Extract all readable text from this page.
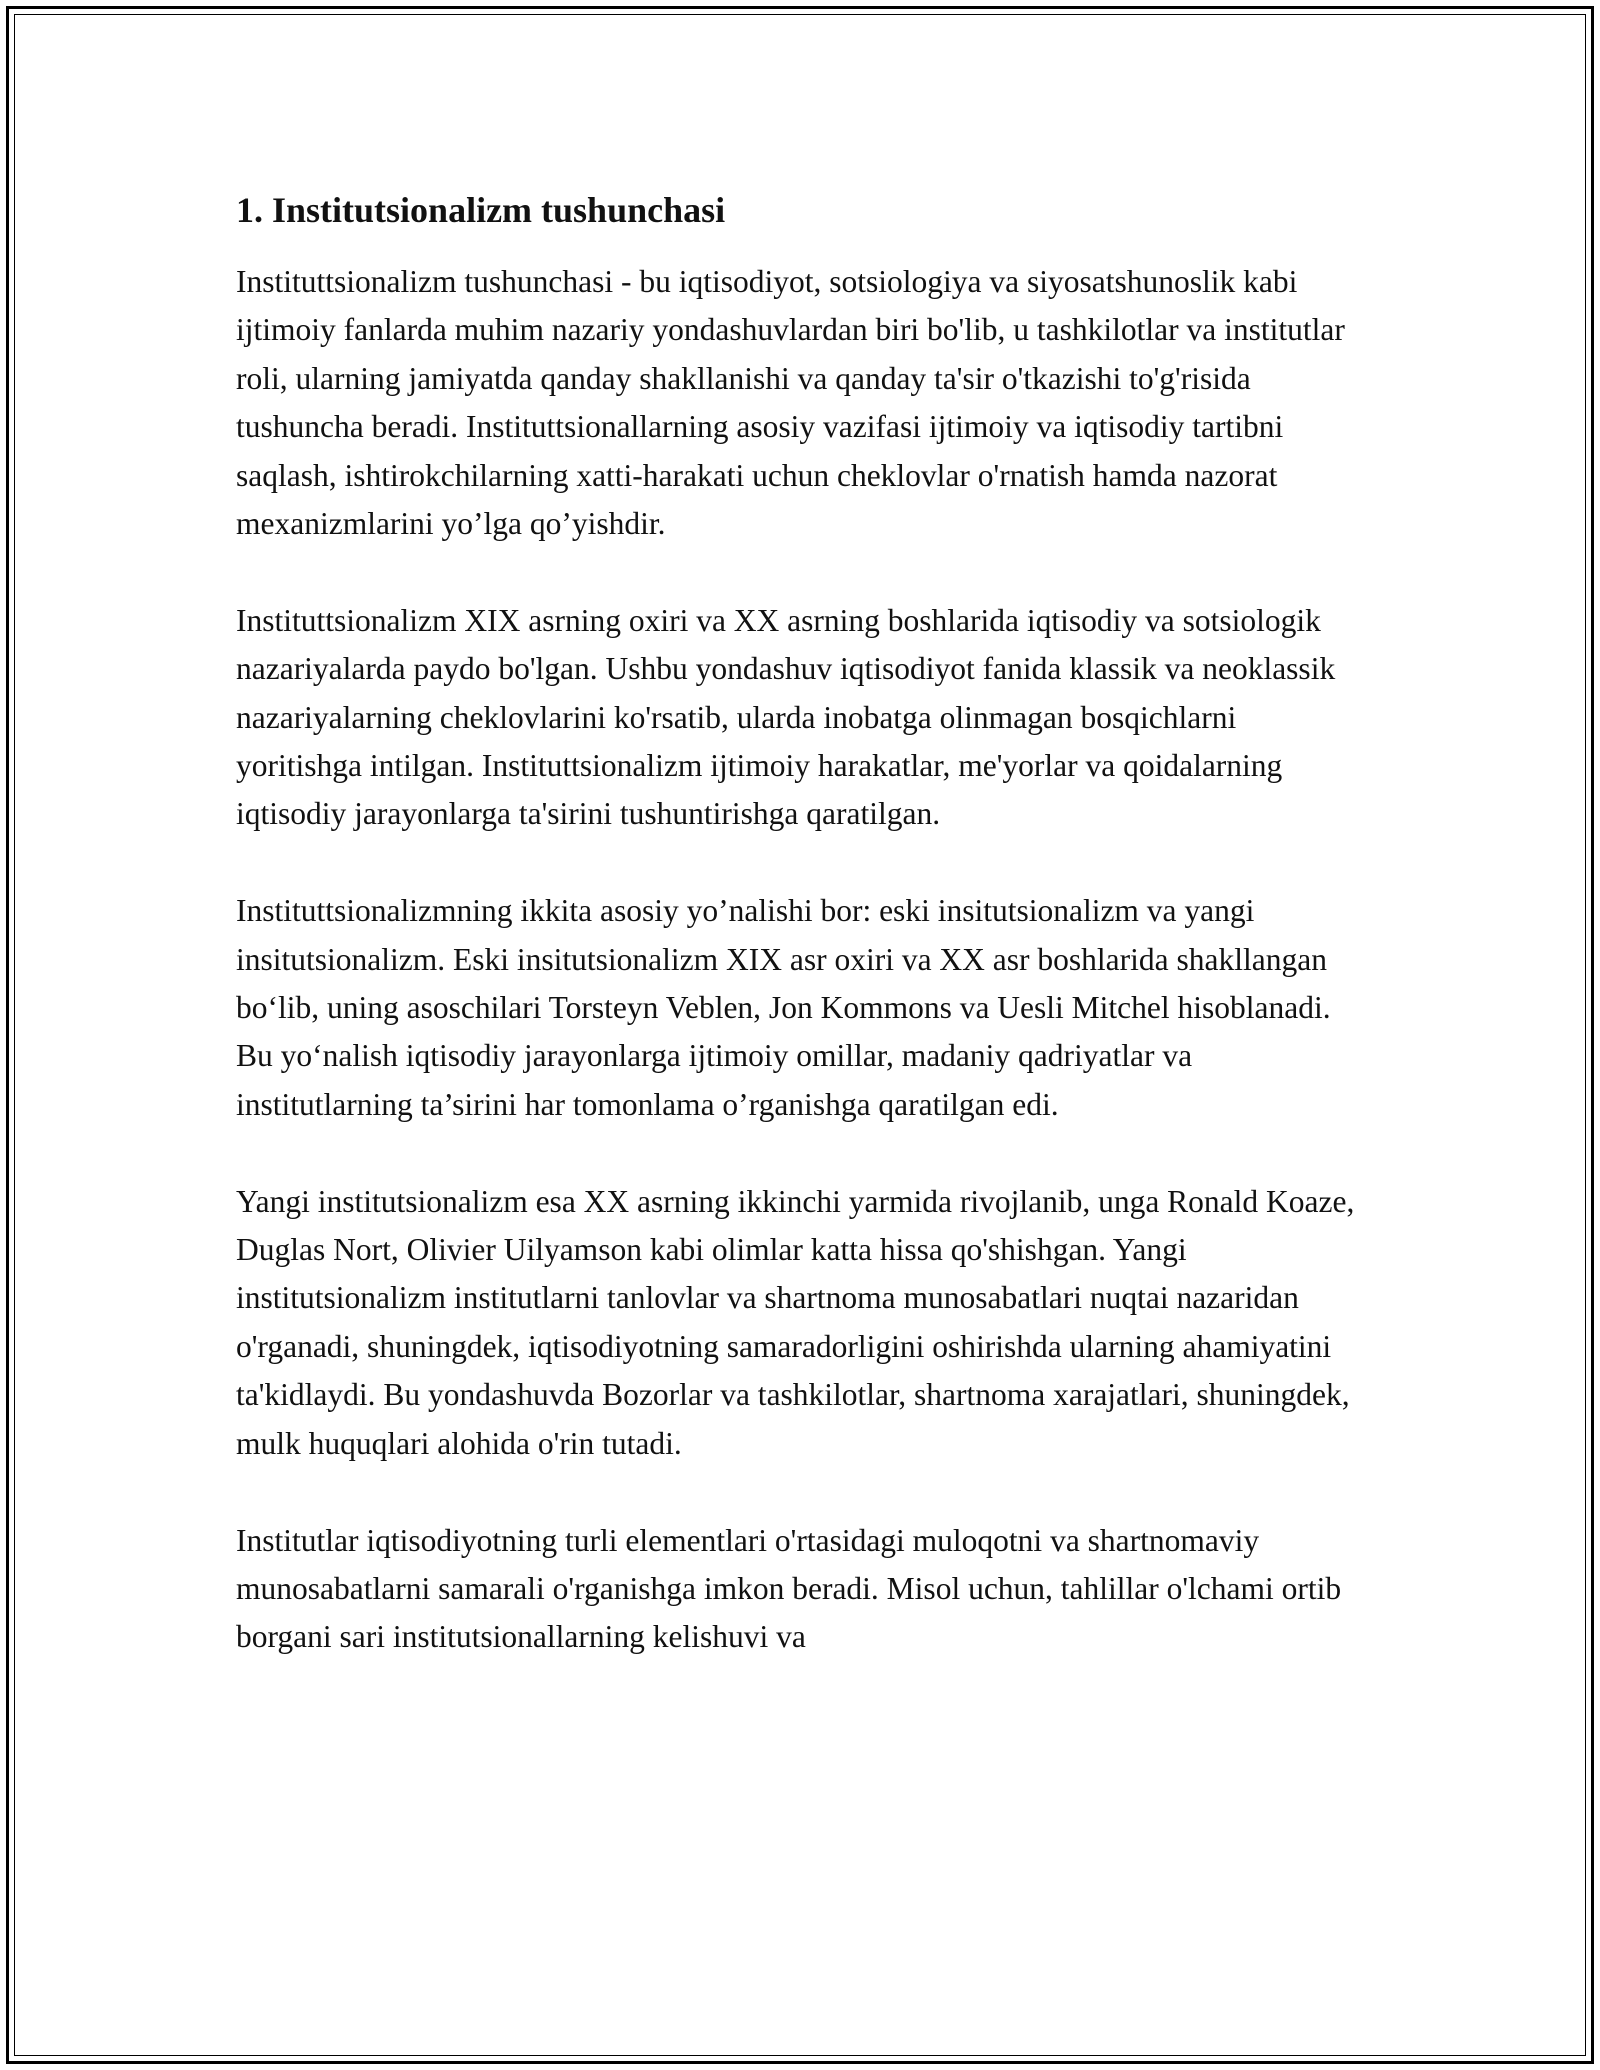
1. Institutsionalizm tushunchasi

Instituttsionalizm tushunchasi - bu iqtisodiyot, sotsiologiya va siyosatshunoslik kabi ijtimoiy fanlarda muhim nazariy yondashuvlardan biri bo'lib, u tashkilotlar va institutlar roli, ularning jamiyatda qanday shakllanishi va qanday ta'sir o'tkazishi to'g'risida tushuncha beradi. Instituttsionallarning asosiy vazifasi ijtimoiy va iqtisodiy tartibni saqlash, ishtirokchilarning xatti-harakati uchun cheklovlar o'rnatish hamda nazorat mexanizmlarini yo’lga qo’yishdir.

Instituttsionalizm XIX asrning oxiri va XX asrning boshlarida iqtisodiy va sotsiologik nazariyalarda paydo bo'lgan. Ushbu yondashuv iqtisodiyot fanida klassik va neoklassik nazariyalarning cheklovlarini ko'rsatib, ularda inobatga olinmagan bosqichlarni yoritishga intilgan. Instituttsionalizm ijtimoiy harakatlar, me'yorlar va qoidalarning iqtisodiy jarayonlarga ta'sirini tushuntirishga qaratilgan.

Instituttsionalizmning ikkita asosiy yo’nalishi bor: eski insitutsionalizm va yangi insitutsionalizm. Eski insitutsionalizm XIX asr oxiri va XX asr boshlarida shakllangan bo‘lib, uning asoschilari Torsteyn Veblen, Jon Kommons va Uesli Mitchel hisoblanadi. Bu yo‘nalish iqtisodiy jarayonlarga ijtimoiy omillar, madaniy qadriyatlar va institutlarning ta’sirini har tomonlama o’rganishga qaratilgan edi.

Yangi institutsionalizm esa XX asrning ikkinchi yarmida rivojlanib, unga Ronald Koaze, Duglas Nort, Olivier Uilyamson kabi olimlar katta hissa qo'shishgan. Yangi institutsionalizm institutlarni tanlovlar va shartnoma munosabatlari nuqtai nazaridan o'rganadi, shuningdek, iqtisodiyotning samaradorligini oshirishda ularning ahamiyatini ta'kidlaydi. Bu yondashuvda Bozorlar va tashkilotlar, shartnoma xarajatlari, shuningdek, mulk huquqlari alohida o'rin tutadi.

Institutlar iqtisodiyotning turli elementlari o'rtasidagi muloqotni va shartnomaviy munosabatlarni samarali o'rganishga imkon beradi. Misol uchun, tahlillar o'lchami ortib borgani sari institutsionallarning kelishuvi va
